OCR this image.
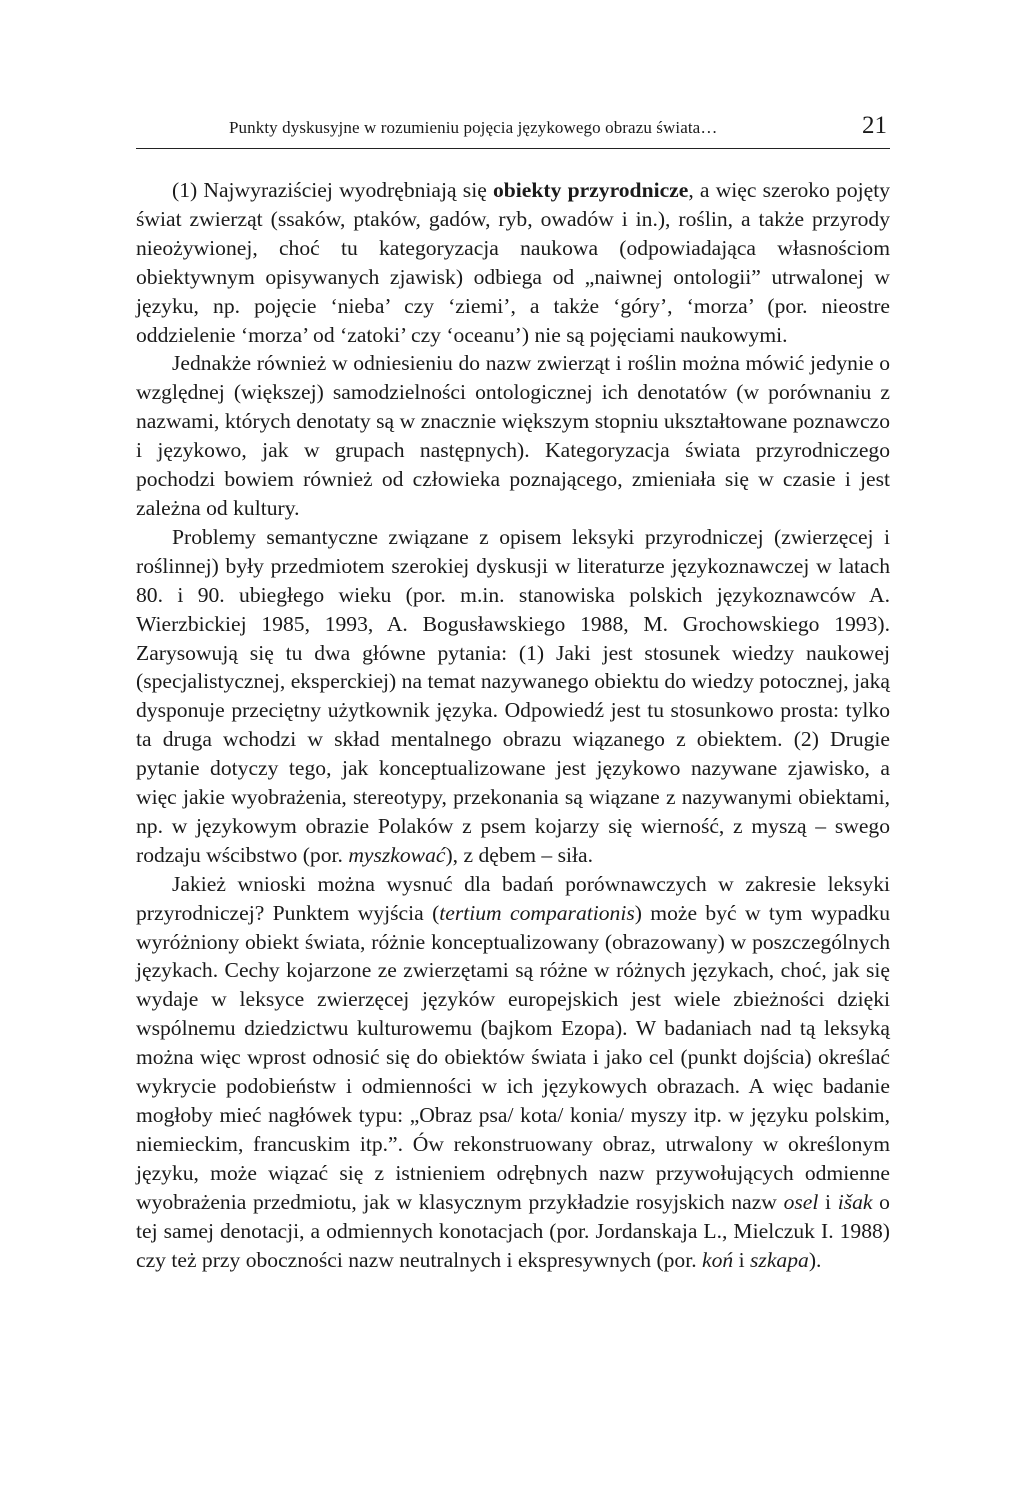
Punkty dyskusyjne w rozumieniu pojęcia językowego obrazu świata…	21

(1) Najwyraziściej wyodrębniają się obiekty przyrodnicze, a więc szeroko pojęty świat zwierząt (ssaków, ptaków, gadów, ryb, owadów i in.), roślin, a także przyrody nieożywionej, choć tu kategoryzacja naukowa (odpowiadająca własnościom obiektywnym opisywanych zjawisk) odbiega od „naiwnej ontologii” utrwalonej w języku, np. pojęcie ‘nieba’ czy ‘ziemi’, a także ‘góry’, ‘morza’ (por. nieostre oddzielenie ‘morza’ od ‘zatoki’ czy ‘oceanu’) nie są pojęciami naukowymi.

Jednakże również w odniesieniu do nazw zwierząt i roślin można mówić jedynie o względnej (większej) samodzielności ontologicznej ich denotatów (w porównaniu z nazwami, których denotaty są w znacznie większym stopniu ukształtowane poznawczo i językowo, jak w grupach następnych). Kategoryzacja świata przyrodniczego pochodzi bowiem również od człowieka poznającego, zmieniała się w czasie i jest zależna od kultury.

Problemy semantyczne związane z opisem leksyki przyrodniczej (zwierzęcej i roślinnej) były przedmiotem szerokiej dyskusji w literaturze językoznawczej w latach 80. i 90. ubiegłego wieku (por. m.in. stanowiska polskich językoznawców A. Wierzbickiej 1985, 1993, A. Bogusławskiego 1988, M. Grochowskiego 1993). Zarysowują się tu dwa główne pytania: (1) Jaki jest stosunek wiedzy naukowej (specjalistycznej, eksperckiej) na temat nazywanego obiektu do wiedzy potocznej, jaką dysponuje przeciętny użytkownik języka. Odpowiedź jest tu stosunkowo prosta: tylko ta druga wchodzi w skład mentalnego obrazu wiązanego z obiektem. (2) Drugie pytanie dotyczy tego, jak konceptualizowane jest językowo nazywane zjawisko, a więc jakie wyobrażenia, stereotypy, przekonania są wiązane z nazywanymi obiektami, np. w językowym obrazie Polaków z psem kojarzy się wierność, z myszą – swego rodzaju wścibstwo (por. myszkować), z dębem – siła.

Jakież wnioski można wysnuć dla badań porównawczych w zakresie leksyki przyrodniczej? Punktem wyjścia (tertium comparationis) może być w tym wypadku wyróżniony obiekt świata, różnie konceptualizowany (obrazowany) w poszczególnych językach. Cechy kojarzone ze zwierzętami są różne w różnych językach, choć, jak się wydaje w leksyce zwierzęcej języków europejskich jest wiele zbieżności dzięki wspólnemu dziedzictwu kulturowemu (bajkom Ezopa). W badaniach nad tą leksyką można więc wprost odnosić się do obiektów świata i jako cel (punkt dojścia) określać wykrycie podobieństw i odmienności w ich językowych obrazach. A więc badanie mogłoby mieć nagłówek typu: „Obraz psa/ kota/ konia/ myszy itp. w języku polskim, niemieckim, francuskim itp.”. Ów rekonstruowany obraz, utrwalony w określonym języku, może wiązać się z istnieniem odrębnych nazw przywołujących odmienne wyobrażenia przedmiotu, jak w klasycznym przykładzie rosyjskich nazw osel i išak o tej samej denotacji, a odmiennych konotacjach (por. Jordanskaja L., Mielczuk I. 1988) czy też przy oboczności nazw neutralnych i ekspresywnych (por. koń i szkapa).
